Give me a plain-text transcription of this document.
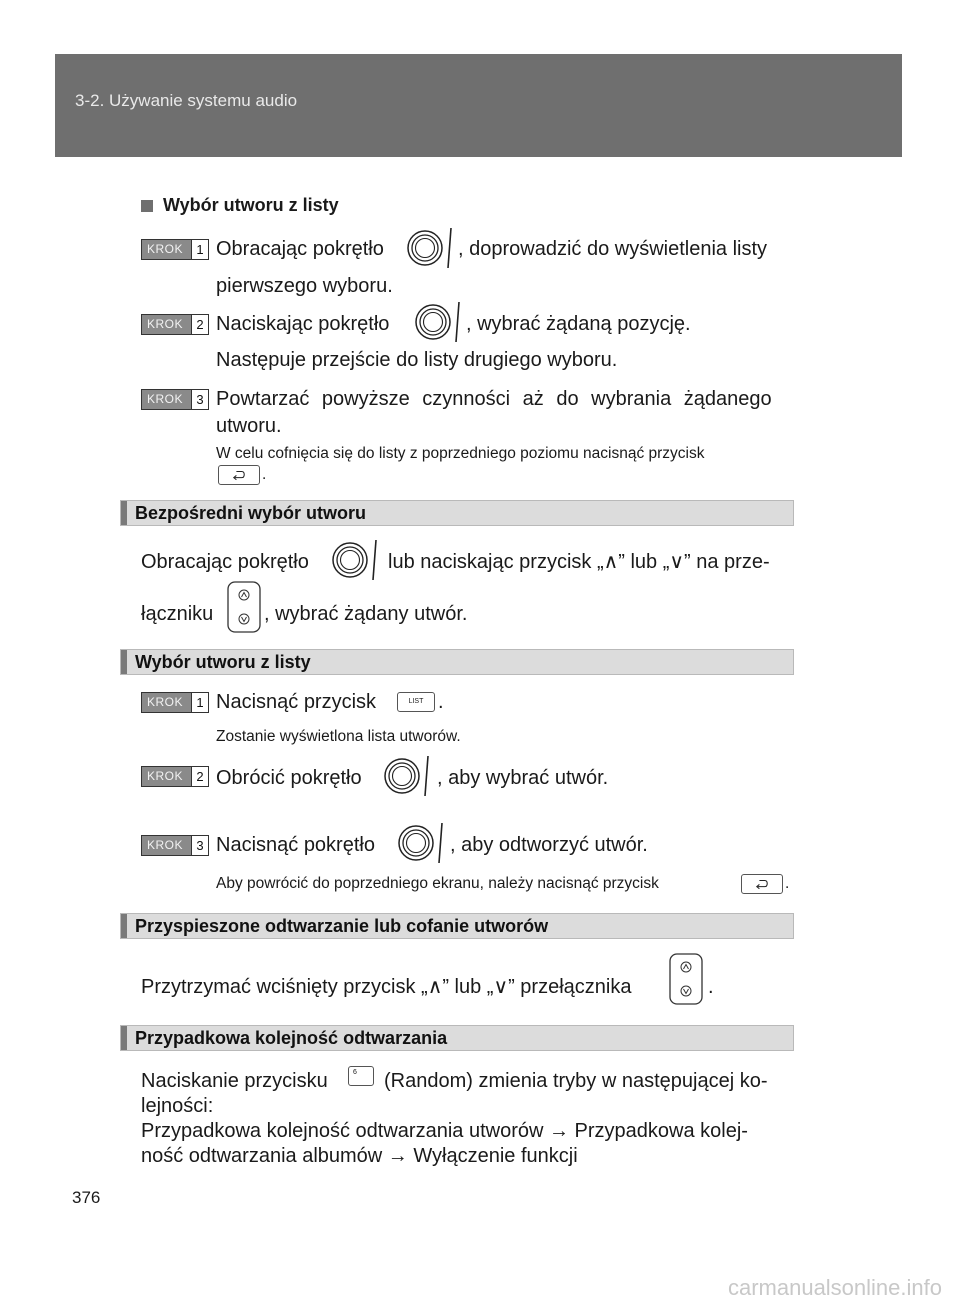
3-2. Używanie systemu audio
Wybór utworu z listy
KROK	1 Obracając pokrętło	, doprowadzić do wyświetlenia listy
pierwszego wyboru.
KROK	2 Naciskając pokrętło	, wybrać żądaną pozycję.
Następuje przejście do listy drugiego wyboru.
KROK	3 Powtarzać powyższe czynności aż do wybrania żądanego
utworu.
W celu cofnięcia się do listy z poprzedniego poziomu nacisnąć przycisk
.
Bezpośredni wybór utworu
Obracając pokrętło	lub naciskając przycisk „∧” lub „∨” na prze-
łączniku	, wybrać żądany utwór.
Wybór utworu z listy
KROK	1 Nacisnąć przycisk	LIST .
Zostanie wyświetlona lista utworów.
KROK	2 Obrócić pokrętło	, aby wybrać utwór.
KROK	3 Nacisnąć pokrętło	, aby odtworzyć utwór.
Aby powrócić do poprzedniego ekranu, należy nacisnąć przycisk	.
Przyspieszone odtwarzanie lub cofanie utworów
Przytrzymać wciśnięty przycisk „∧” lub „∨” przełącznika	.
Przypadkowa kolejność odtwarzania
Naciskanie przycisku	6	(Random) zmienia tryby w następującej ko-
lejności:
Przypadkowa kolejność odtwarzania utworów → Przypadkowa kolej-
ność odtwarzania albumów → Wyłączenie funkcji
376
carmanualsonline.info
